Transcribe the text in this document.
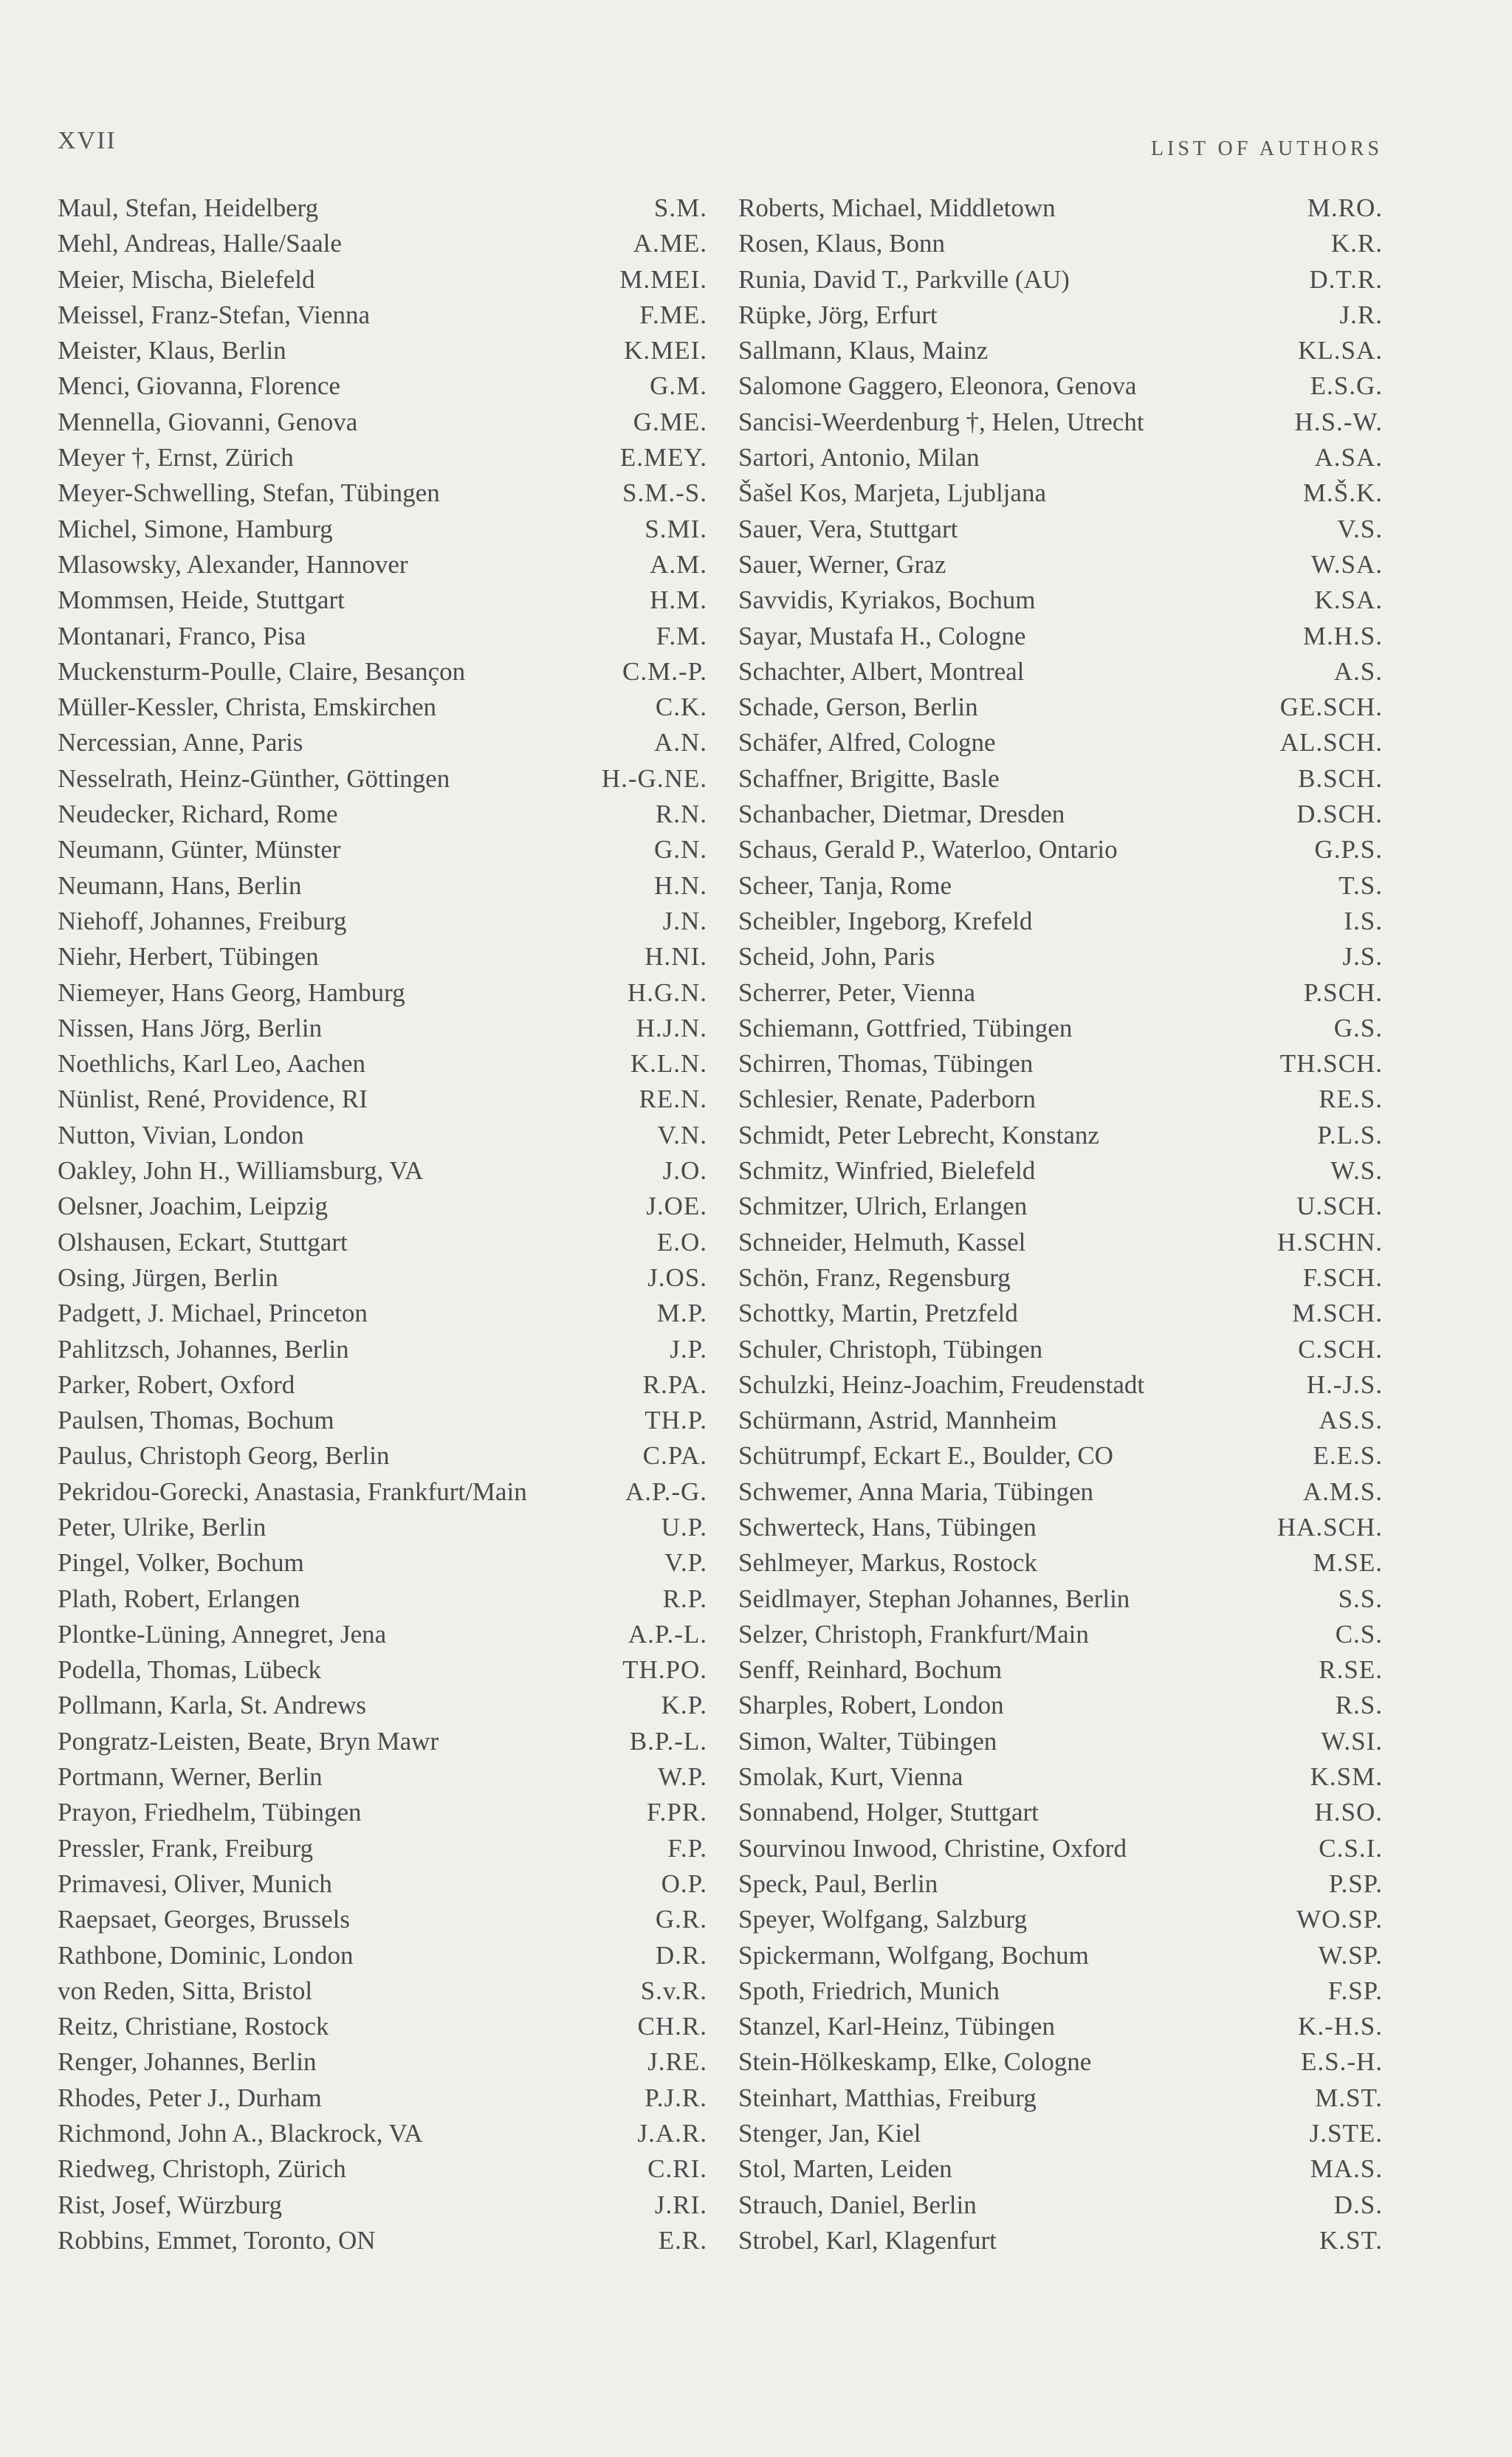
XVII	LIST OF AUTHORS
Maul, Stefan, Heidelberg	S.M.
Mehl, Andreas, Halle/Saale	A.ME.
Meier, Mischa, Bielefeld	M.MEI.
Meissel, Franz-Stefan, Vienna	F.ME.
Meister, Klaus, Berlin	K.MEI.
Menci, Giovanna, Florence	G.M.
Mennella, Giovanni, Genova	G.ME.
Meyer †, Ernst, Zürich	E.MEY.
Meyer-Schwelling, Stefan, Tübingen	S.M.-S.
Michel, Simone, Hamburg	S.MI.
Mlasowsky, Alexander, Hannover	A.M.
Mommsen, Heide, Stuttgart	H.M.
Montanari, Franco, Pisa	F.M.
Muckensturm-Poulle, Claire, Besançon	C.M.-P.
Müller-Kessler, Christa, Emskirchen	C.K.
Nercessian, Anne, Paris	A.N.
Nesselrath, Heinz-Günther, Göttingen	H.-G.NE.
Neudecker, Richard, Rome	R.N.
Neumann, Günter, Münster	G.N.
Neumann, Hans, Berlin	H.N.
Niehoff, Johannes, Freiburg	J.N.
Niehr, Herbert, Tübingen	H.NI.
Niemeyer, Hans Georg, Hamburg	H.G.N.
Nissen, Hans Jörg, Berlin	H.J.N.
Noethlichs, Karl Leo, Aachen	K.L.N.
Nünlist, René, Providence, RI	RE.N.
Nutton, Vivian, London	V.N.
Oakley, John H., Williamsburg, VA	J.O.
Oelsner, Joachim, Leipzig	J.OE.
Olshausen, Eckart, Stuttgart	E.O.
Osing, Jürgen, Berlin	J.OS.
Padgett, J. Michael, Princeton	M.P.
Pahlitzsch, Johannes, Berlin	J.P.
Parker, Robert, Oxford	R.PA.
Paulsen, Thomas, Bochum	TH.P.
Paulus, Christoph Georg, Berlin	C.PA.
Pekridou-Gorecki, Anastasia, Frankfurt/Main	A.P.-G.
Peter, Ulrike, Berlin	U.P.
Pingel, Volker, Bochum	V.P.
Plath, Robert, Erlangen	R.P.
Plontke-Lüning, Annegret, Jena	A.P.-L.
Podella, Thomas, Lübeck	TH.PO.
Pollmann, Karla, St. Andrews	K.P.
Pongratz-Leisten, Beate, Bryn Mawr	B.P.-L.
Portmann, Werner, Berlin	W.P.
Prayon, Friedhelm, Tübingen	F.PR.
Pressler, Frank, Freiburg	F.P.
Primavesi, Oliver, Munich	O.P.
Raepsaet, Georges, Brussels	G.R.
Rathbone, Dominic, London	D.R.
von Reden, Sitta, Bristol	S.v.R.
Reitz, Christiane, Rostock	CH.R.
Renger, Johannes, Berlin	J.RE.
Rhodes, Peter J., Durham	P.J.R.
Richmond, John A., Blackrock, VA	J.A.R.
Riedweg, Christoph, Zürich	C.RI.
Rist, Josef, Würzburg	J.RI.
Robbins, Emmet, Toronto, ON	E.R.
Roberts, Michael, Middletown	M.RO.
Rosen, Klaus, Bonn	K.R.
Runia, David T., Parkville (AU)	D.T.R.
Rüpke, Jörg, Erfurt	J.R.
Sallmann, Klaus, Mainz	KL.SA.
Salomone Gaggero, Eleonora, Genova	E.S.G.
Sancisi-Weerdenburg †, Helen, Utrecht	H.S.-W.
Sartori, Antonio, Milan	A.SA.
Šašel Kos, Marjeta, Ljubljana	M.Š.K.
Sauer, Vera, Stuttgart	V.S.
Sauer, Werner, Graz	W.SA.
Savvidis, Kyriakos, Bochum	K.SA.
Sayar, Mustafa H., Cologne	M.H.S.
Schachter, Albert, Montreal	A.S.
Schade, Gerson, Berlin	GE.SCH.
Schäfer, Alfred, Cologne	AL.SCH.
Schaffner, Brigitte, Basle	B.SCH.
Schanbacher, Dietmar, Dresden	D.SCH.
Schaus, Gerald P., Waterloo, Ontario	G.P.S.
Scheer, Tanja, Rome	T.S.
Scheibler, Ingeborg, Krefeld	I.S.
Scheid, John, Paris	J.S.
Scherrer, Peter, Vienna	P.SCH.
Schiemann, Gottfried, Tübingen	G.S.
Schirren, Thomas, Tübingen	TH.SCH.
Schlesier, Renate, Paderborn	RE.S.
Schmidt, Peter Lebrecht, Konstanz	P.L.S.
Schmitz, Winfried, Bielefeld	W.S.
Schmitzer, Ulrich, Erlangen	U.SCH.
Schneider, Helmuth, Kassel	H.SCHN.
Schön, Franz, Regensburg	F.SCH.
Schottky, Martin, Pretzfeld	M.SCH.
Schuler, Christoph, Tübingen	C.SCH.
Schulzki, Heinz-Joachim, Freudenstadt	H.-J.S.
Schürmann, Astrid, Mannheim	AS.S.
Schütrumpf, Eckart E., Boulder, CO	E.E.S.
Schwemer, Anna Maria, Tübingen	A.M.S.
Schwerteck, Hans, Tübingen	HA.SCH.
Sehlmeyer, Markus, Rostock	M.SE.
Seidlmayer, Stephan Johannes, Berlin	S.S.
Selzer, Christoph, Frankfurt/Main	C.S.
Senff, Reinhard, Bochum	R.SE.
Sharples, Robert, London	R.S.
Simon, Walter, Tübingen	W.SI.
Smolak, Kurt, Vienna	K.SM.
Sonnabend, Holger, Stuttgart	H.SO.
Sourvinou Inwood, Christine, Oxford	C.S.I.
Speck, Paul, Berlin	P.SP.
Speyer, Wolfgang, Salzburg	WO.SP.
Spickermann, Wolfgang, Bochum	W.SP.
Spoth, Friedrich, Munich	F.SP.
Stanzel, Karl-Heinz, Tübingen	K.-H.S.
Stein-Hölkeskamp, Elke, Cologne	E.S.-H.
Steinhart, Matthias, Freiburg	M.ST.
Stenger, Jan, Kiel	J.STE.
Stol, Marten, Leiden	MA.S.
Strauch, Daniel, Berlin	D.S.
Strobel, Karl, Klagenfurt	K.ST.
